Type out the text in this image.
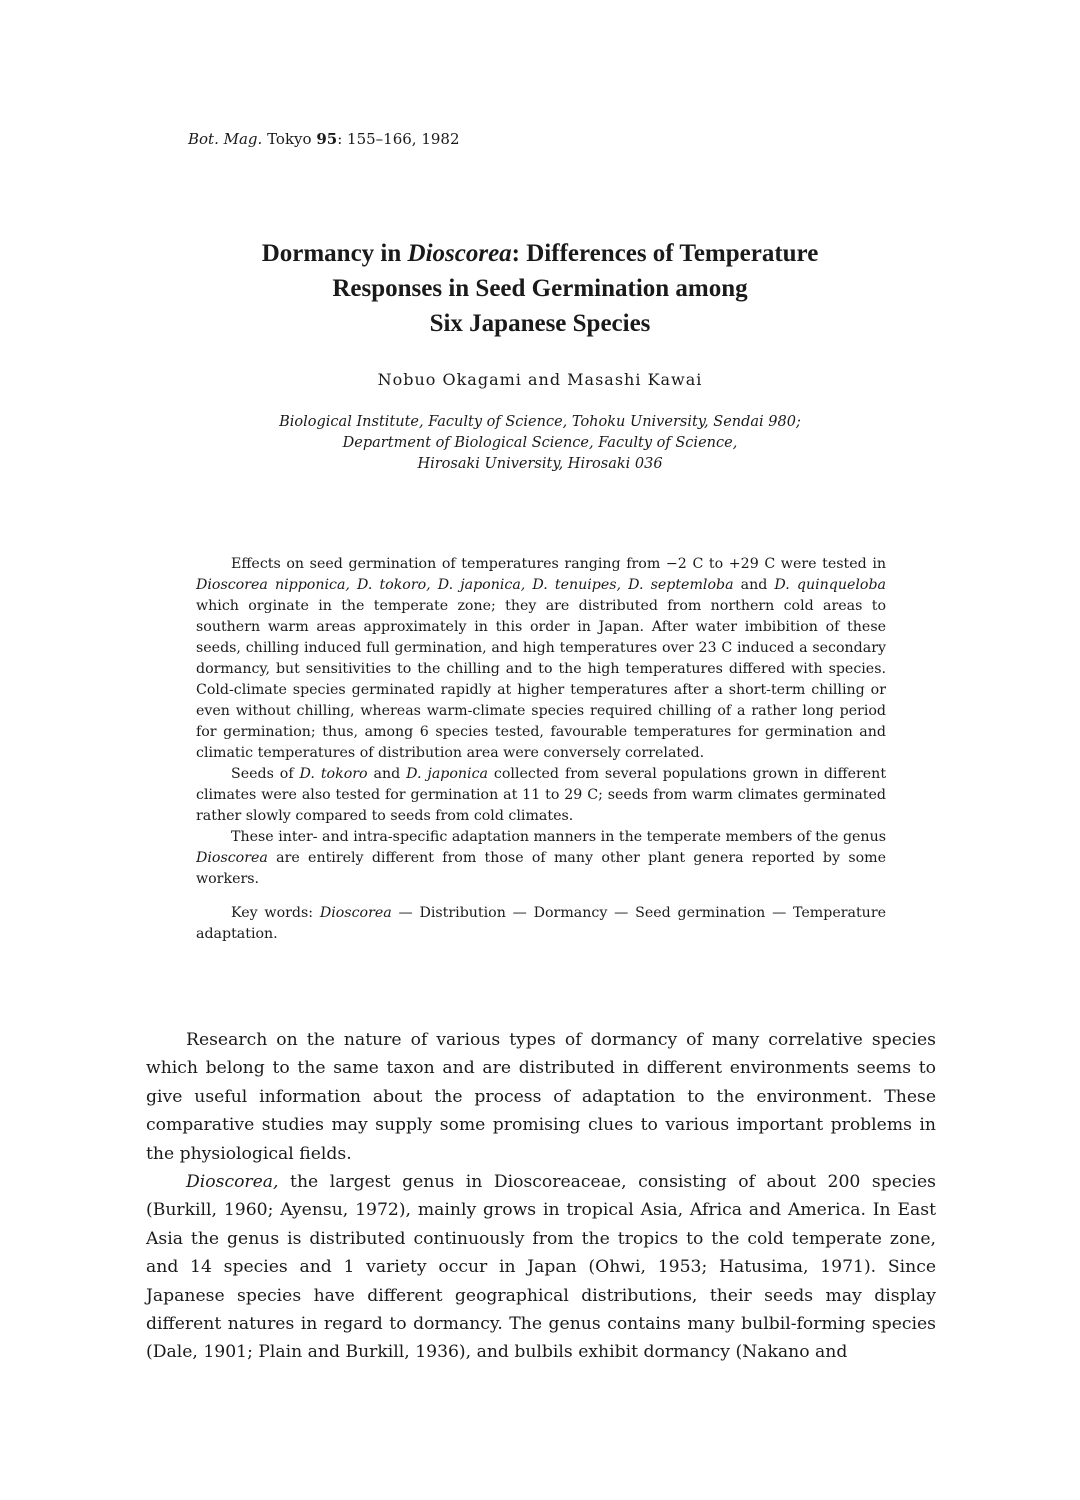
Bot. Mag. Tokyo 95: 155–166, 1982
Dormancy in Dioscorea: Differences of Temperature
Responses in Seed Germination among
Six Japanese Species
Nobuo Okagami and Masashi Kawai
Biological Institute, Faculty of Science, Tohoku University, Sendai 980;
Department of Biological Science, Faculty of Science,
Hirosaki University, Hirosaki 036

Effects on seed germination of temperatures ranging from −2 C to +29 C were tested in Dioscorea nipponica, D. tokoro, D. japonica, D. tenuipes, D. septemloba and D. quinqueloba which orginate in the temperate zone; they are distributed from northern cold areas to southern warm areas approximately in this order in Japan. After water imbibition of these seeds, chilling induced full germination, and high temperatures over 23 C induced a secondary dormancy, but sensitivities to the chilling and to the high temperatures differed with species. Cold-climate species germinated rapidly at higher temperatures after a short-term chilling or even without chilling, whereas warm-climate species required chilling of a rather long period for germination; thus, among 6 species tested, favourable temperatures for germination and climatic temperatures of distribution area were conversely correlated.

Seeds of D. tokoro and D. japonica collected from several populations grown in different climates were also tested for germination at 11 to 29 C; seeds from warm climates germinated rather slowly compared to seeds from cold climates.

These inter- and intra-specific adaptation manners in the temperate members of the genus Dioscorea are entirely different from those of many other plant genera reported by some workers.

Key words: Dioscorea — Distribution — Dormancy — Seed germination — Temperature adaptation.

Research on the nature of various types of dormancy of many correlative species which belong to the same taxon and are distributed in different environments seems to give useful information about the process of adaptation to the environment. These comparative studies may supply some promising clues to various important problems in the physiological fields.

Dioscorea, the largest genus in Dioscoreaceae, consisting of about 200 species (Burkill, 1960; Ayensu, 1972), mainly grows in tropical Asia, Africa and America. In East Asia the genus is distributed continuously from the tropics to the cold temperate zone, and 14 species and 1 variety occur in Japan (Ohwi, 1953; Hatusima, 1971). Since Japanese species have different geographical distributions, their seeds may display different natures in regard to dormancy. The genus contains many bulbil-forming species (Dale, 1901; Plain and Burkill, 1936), and bulbils exhibit dormancy (Nakano and
